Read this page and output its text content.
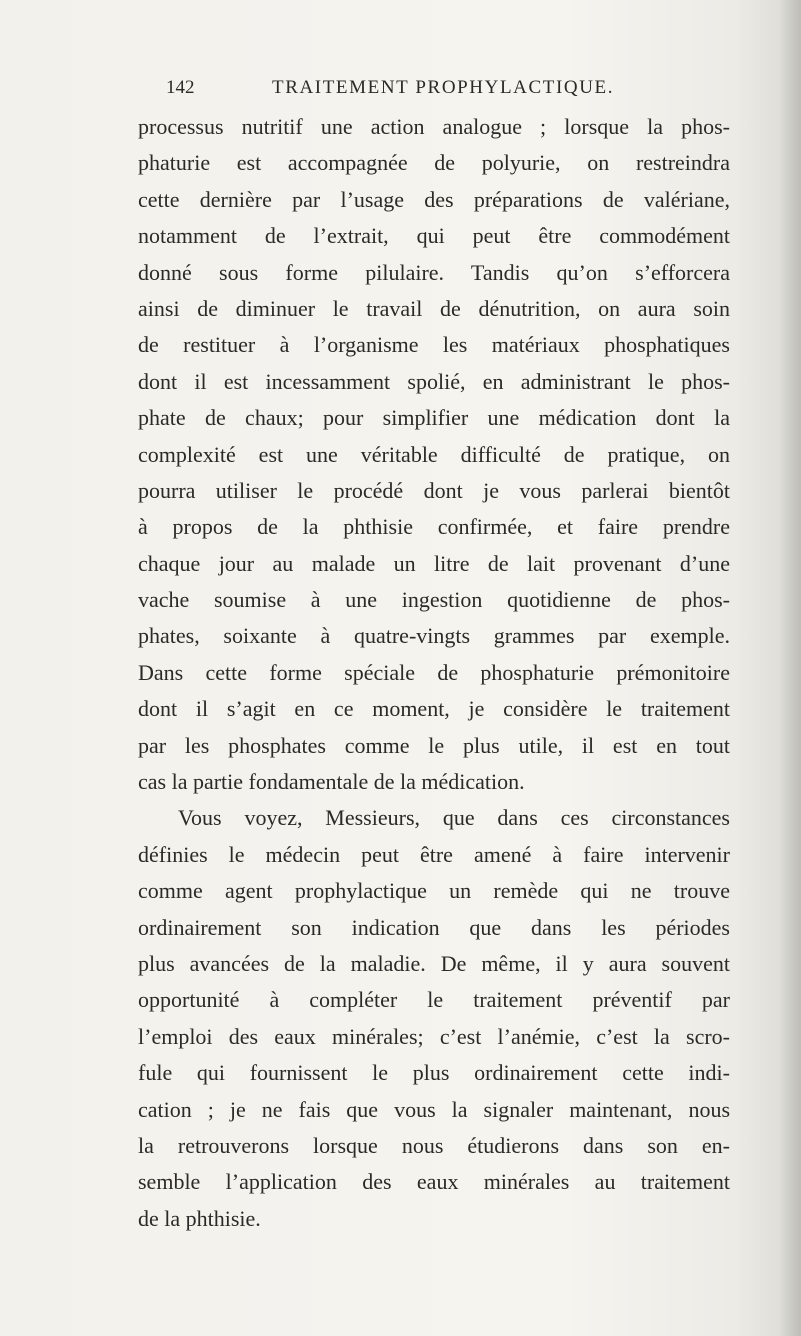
142	TRAITEMENT PROPHYLACTIQUE.
processus nutritif une action analogue ; lorsque la phos-
phaturie est accompagnée de polyurie, on restreindra
cette dernière par l’usage des préparations de valériane,
notamment de l’extrait, qui peut être commodément
donné sous forme pilulaire. Tandis qu’on s’efforcera
ainsi de diminuer le travail de dénutrition, on aura soin
de restituer à l’organisme les matériaux phosphatiques
dont il est incessamment spolié, en administrant le phos-
phate de chaux; pour simplifier une médication dont la
complexité est une véritable difficulté de pratique, on
pourra utiliser le procédé dont je vous parlerai bientôt
à propos de la phthisie confirmée, et faire prendre
chaque jour au malade un litre de lait provenant d’une
vache soumise à une ingestion quotidienne de phos-
phates, soixante à quatre-vingts grammes par exemple.
Dans cette forme spéciale de phosphaturie prémonitoire
dont il s’agit en ce moment, je considère le traitement
par les phosphates comme le plus utile, il est en tout
cas la partie fondamentale de la médication.
Vous voyez, Messieurs, que dans ces circonstances
définies le médecin peut être amené à faire intervenir
comme agent prophylactique un remède qui ne trouve
ordinairement son indication que dans les périodes
plus avancées de la maladie. De même, il y aura souvent
opportunité à compléter le traitement préventif par
l’emploi des eaux minérales; c’est l’anémie, c’est la scro-
fule qui fournissent le plus ordinairement cette indi-
cation ; je ne fais que vous la signaler maintenant, nous
la retrouverons lorsque nous étudierons dans son en-
semble l’application des eaux minérales au traitement
de la phthisie.
